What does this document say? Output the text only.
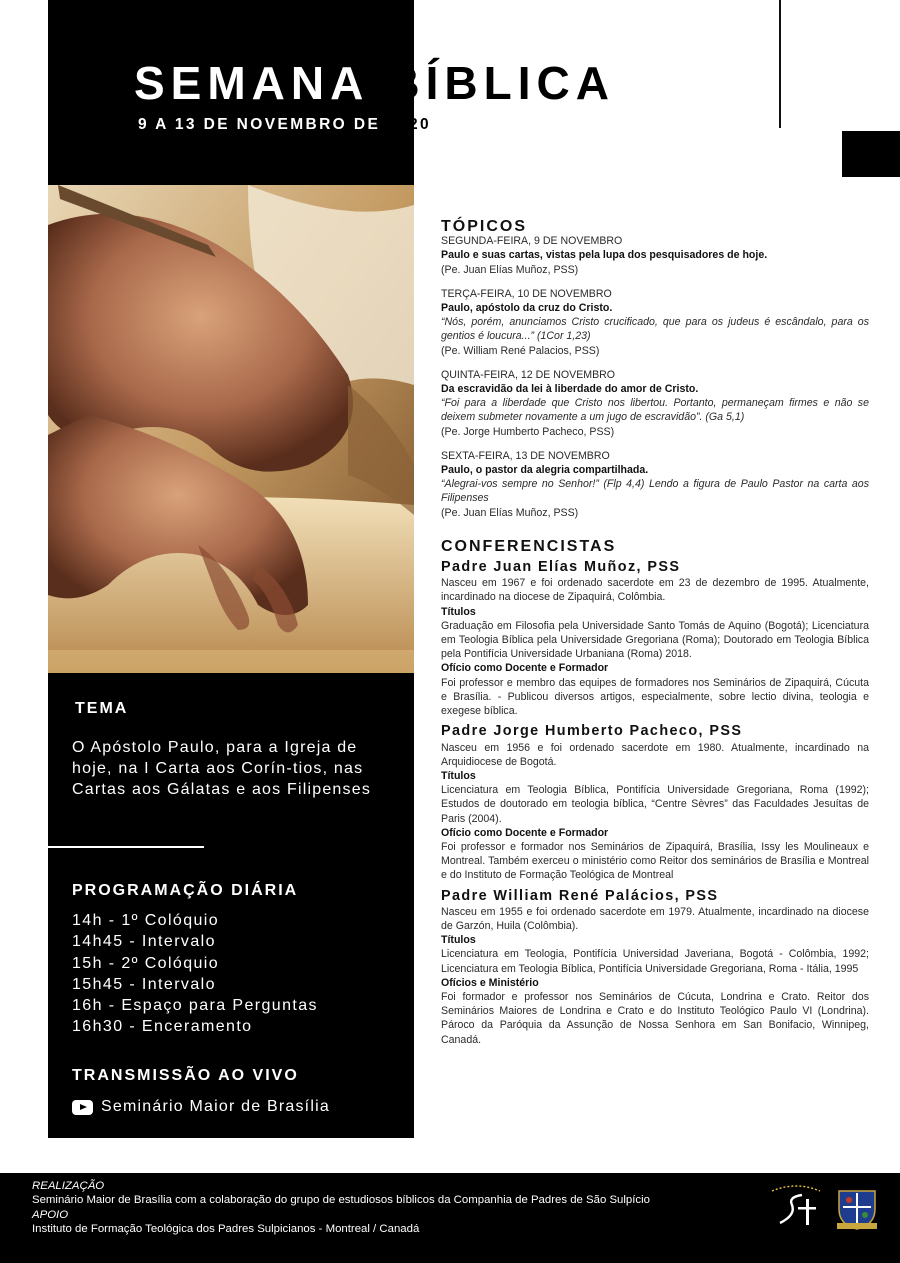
SEMANA BÍBLICA
9 A 13 DE NOVEMBRO DE 2020
TEMA
O Apóstolo Paulo, para a Igreja de hoje, na I Carta aos Corín-tios, nas Cartas aos Gálatas e aos Filipenses
PROGRAMAÇÃO DIÁRIA
14h - 1º Colóquio
14h45 - Intervalo
15h - 2º Colóquio
15h45 - Intervalo
16h - Espaço para Perguntas
16h30 - Enceramento
TRANSMISSÃO AO VIVO
Seminário Maior de Brasília
TÓPICOS
SEGUNDA-FEIRA, 9 DE NOVEMBRO
Paulo e suas cartas, vistas pela lupa dos pesquisadores de hoje.
(Pe. Juan Elías Muñoz, PSS)
TERÇA-FEIRA, 10 DE NOVEMBRO
Paulo, apóstolo da cruz do Cristo.
“Nós, porém, anunciamos Cristo crucificado, que para os judeus é escândalo, para os gentios é loucura...” (1Cor 1,23)
(Pe. William René Palacios, PSS)
QUINTA-FEIRA, 12 DE NOVEMBRO
Da escravidão da lei à liberdade do amor de Cristo.
“Foi para a liberdade que Cristo nos libertou. Portanto, permaneçam firmes e não se deixem submeter novamente a um jugo de escravidão”. (Ga 5,1)
(Pe. Jorge Humberto Pacheco, PSS)
SEXTA-FEIRA, 13 DE NOVEMBRO
Paulo, o pastor da alegria compartilhada.
“Alegrai-vos sempre no Senhor!” (Flp 4,4) Lendo a figura de Paulo Pastor na carta aos Filipenses
(Pe. Juan Elías Muñoz, PSS)
CONFERENCISTAS
Padre Juan Elías Muñoz, PSS

Nasceu em 1967 e foi ordenado sacerdote em 23 de dezembro de 1995. Atualmente, incardinado na diocese de Zipaquirá, Colômbia.

Títulos

Graduação em Filosofia pela Universidade Santo Tomás de Aquino (Bogotá); Licenciatura em Teologia Bíblica pela Universidade Gregoriana (Roma); Doutorado em Teologia Bíblica pela Pontifícia Universidade Urbaniana (Roma) 2018.

Ofício como Docente e Formador

Foi professor e membro das equipes de formadores nos Seminários de Zipaquirá, Cúcuta e Brasília. - Publicou diversos artigos, especialmente, sobre lectio divina, teologia e exegese bíblica.

Padre Jorge Humberto Pacheco, PSS

Nasceu em 1956 e foi ordenado sacerdote em 1980. Atualmente, incardinado na Arquidiocese de Bogotá.

Títulos

Licenciatura em Teologia Bíblica, Pontifícia Universidade Gregoriana, Roma (1992); Estudos de doutorado em teologia bíblica, “Centre Sèvres” das Faculdades Jesuítas de Paris (2004).

Ofício como Docente e Formador

Foi professor e formador nos Seminários de Zipaquirá, Brasília, Issy les Moulineaux e Montreal. Também exerceu o ministério como Reitor dos seminários de Brasília e Montreal e do Instituto de Formação Teológica de Montreal

Padre William René Palácios, PSS

Nasceu em 1955 e foi ordenado sacerdote em 1979. Atualmente, incardinado na diocese de Garzón, Huila (Colômbia).

Títulos

Licenciatura em Teologia, Pontifícia Universidad Javeriana, Bogotá - Colômbia, 1992; Licenciatura em Teologia Bíblica, Pontifícia Universidade Gregoriana, Roma - Itália, 1995

Ofícios e Ministério

Foi formador e professor nos Seminários de Cúcuta, Londrina e Crato. Reitor dos Seminários Maiores de Londrina e Crato e do Instituto Teológico Paulo VI (Londrina). Pároco da Paróquia da Assunção de Nossa Senhora em San Bonifacio, Winnipeg, Canadá.

REALIZAÇÃO
Seminário Maior de Brasília com a colaboração do grupo de estudiosos bíblicos da Companhia de Padres de São Sulpício
APOIO
Instituto de Formação Teológica dos Padres Sulpicianos - Montreal / Canadá
